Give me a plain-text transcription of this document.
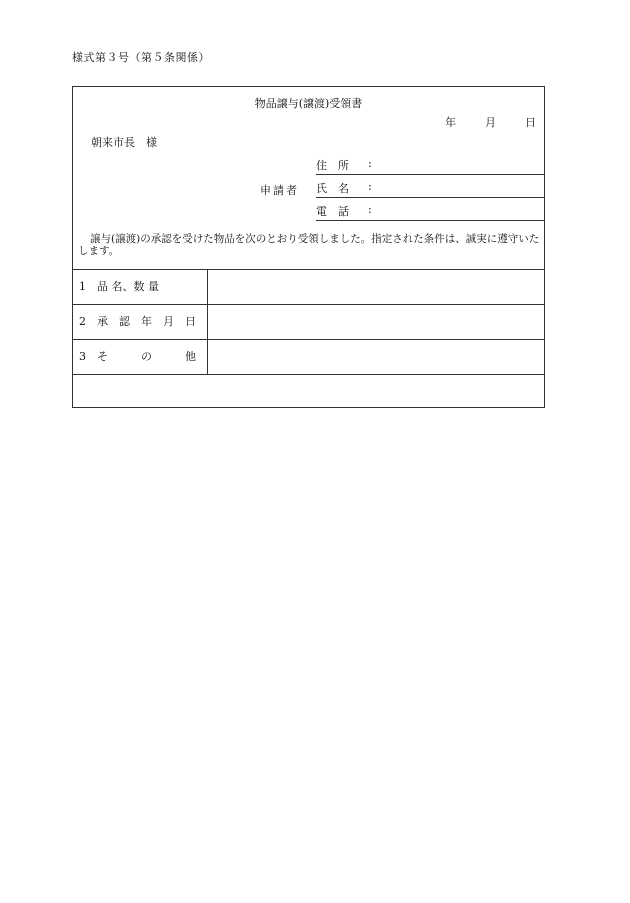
様式第３号（第５条関係）
物品譲与(譲渡)受領書
年	月	日
朝来市長　様
申請者
住　所 :
氏　名 :
電　話 :
譲与(譲渡)の承認を受けた物品を次のとおり受領しました。指定された条件は、誠実に遵守いたします。
1　品 名、数 量
2　承　認　年　月　日
3　そ　　　の　　　他
